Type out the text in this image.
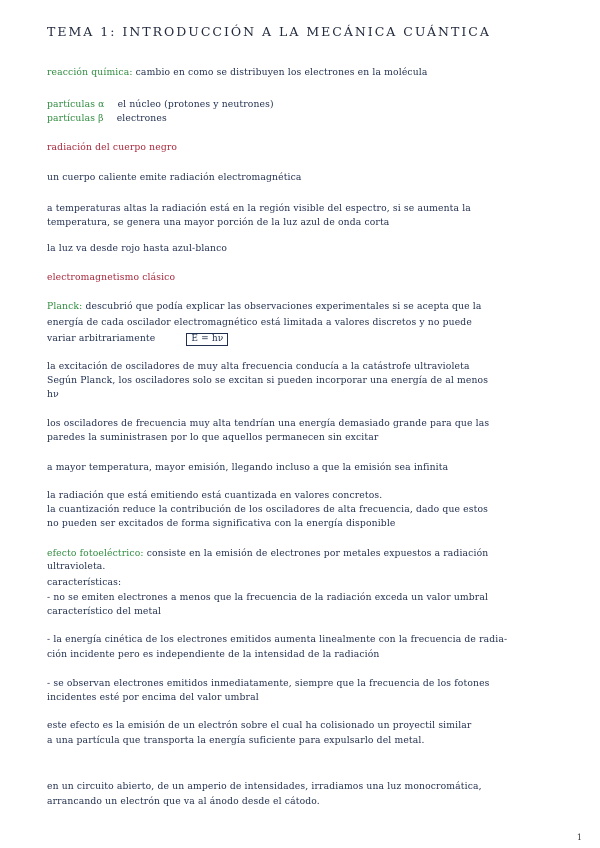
TEMA 1: INTRODUCCIÓN A LA MECÁNICA CUÁNTICA
reacción química: cambio en como se distribuyen los electrones en la molécula
partículas α el núcleo (protones y neutrones)
partículas β electrones
radiación del cuerpo negro
un cuerpo caliente emite radiación electromagnética
a temperaturas altas la radiación está en la región visible del espectro, si se aumenta la
temperatura, se genera una mayor porción de la luz azul de onda corta
la luz va desde rojo hasta azul-blanco
electromagnetismo clásico
Planck: descubrió que podía explicar las observaciones experimentales si se acepta que la
energía de cada oscilador electromagnético está limitada a valores discretos y no puede
variar arbitrariamente	E = hν
la excitación de osciladores de muy alta frecuencia conducía a la catástrofe ultravioleta
Según Planck, los osciladores solo se excitan si pueden incorporar una energía de al menos
hν
los osciladores de frecuencia muy alta tendrían una energía demasiado grande para que las
paredes la suministrasen por lo que aquellos permanecen sin excitar
a mayor temperatura, mayor emisión, llegando incluso a que la emisión sea infinita
la radiación que está emitiendo está cuantizada en valores concretos.
la cuantización reduce la contribución de los osciladores de alta frecuencia, dado que estos
no pueden ser excitados de forma significativa con la energía disponible
efecto fotoeléctrico: consiste en la emisión de electrones por metales expuestos a radiación
ultravioleta.
características:
- no se emiten electrones a menos que la frecuencia de la radiación exceda un valor umbral
característico del metal
- la energía cinética de los electrones emitidos aumenta linealmente con la frecuencia de radia-
ción incidente pero es independiente de la intensidad de la radiación
- se observan electrones emitidos inmediatamente, siempre que la frecuencia de los fotones
incidentes esté por encima del valor umbral
este efecto es la emisión de un electrón sobre el cual ha colisionado un proyectil similar
a una partícula que transporta la energía suficiente para expulsarlo del metal.
en un circuito abierto, de un amperio de intensidades, irradiamos una luz monocromática,
arrancando un electrón que va al ánodo desde el cátodo.
1
